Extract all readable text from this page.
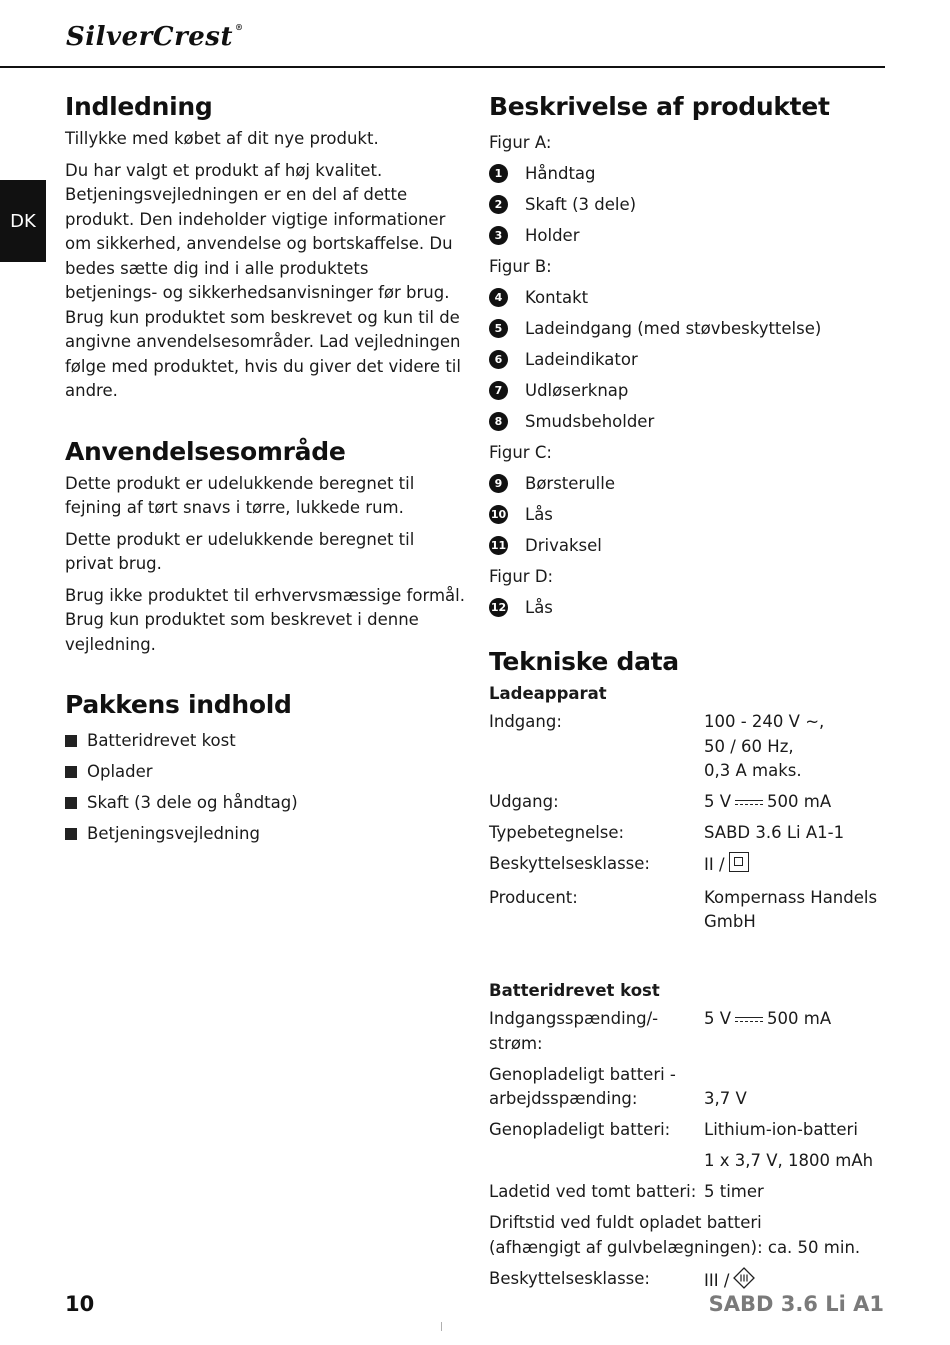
SilverCrest ®
DK
Indledning

Tillykke med købet af dit nye produkt.

Du har valgt et produkt af høj kvalitet. Betjeningsvejledningen er en del af dette produkt. Den indeholder vigtige informationer om sikkerhed, anvendelse og bortskaffelse. Du bedes sætte dig ind i alle produktets betjenings- og sikkerhedsanvisninger før brug. Brug kun produktet som beskrevet og kun til de angivne anvendelsesområder. Lad vejledningen følge med produktet, hvis du giver det videre til andre.

Anvendelsesområde

Dette produkt er udelukkende beregnet til fejning af tørt snavs i tørre, lukkede rum.

Dette produkt er udelukkende beregnet til privat brug.

Brug ikke produktet til erhvervsmæssige formål. Brug kun produktet som beskrevet i denne vejledning.

Pakkens indhold
Batteridrevet kost
Oplader
Skaft (3 dele og håndtag)
Betjeningsvejledning
Beskrivelse af produktet
Figur A:
1	Håndtag
2	Skaft (3 dele)
3	Holder
Figur B:
4	Kontakt
5	Ladeindgang (med støvbeskyttelse)
6	Ladeindikator
7	Udløserknap
8	Smudsbeholder
Figur C:
9	Børsterulle
10 Lås
11 Drivaksel
Figur D:
12 Lås
Tekniske data
Ladeapparat
Indgang:	100 - 240 V ~,
50 / 60 Hz,
0,3 A maks.
Udgang:	5 V 500 mA
Typebetegnelse:	SABD 3.6 Li A1-1
Beskyttelsesklasse:	II /
Producent:	Kompernass Handels
GmbH
Batteridrevet kost
Indgangsspænding/-strøm:
5 V 500 mA
Genopladeligt batteri -
arbejdsspænding:
	3,7 V
Genopladeligt batteri:	Lithium-ion-batteri
1 x 3,7 V, 1800 mAh
Ladetid ved tomt batteri: 5 timer
Driftstid ved fuldt opladet batteri
(afhængigt af gulvbelægningen): ca. 50 min.
Beskyttelsesklasse:	III /
10	SABD 3.6 Li A1
|
